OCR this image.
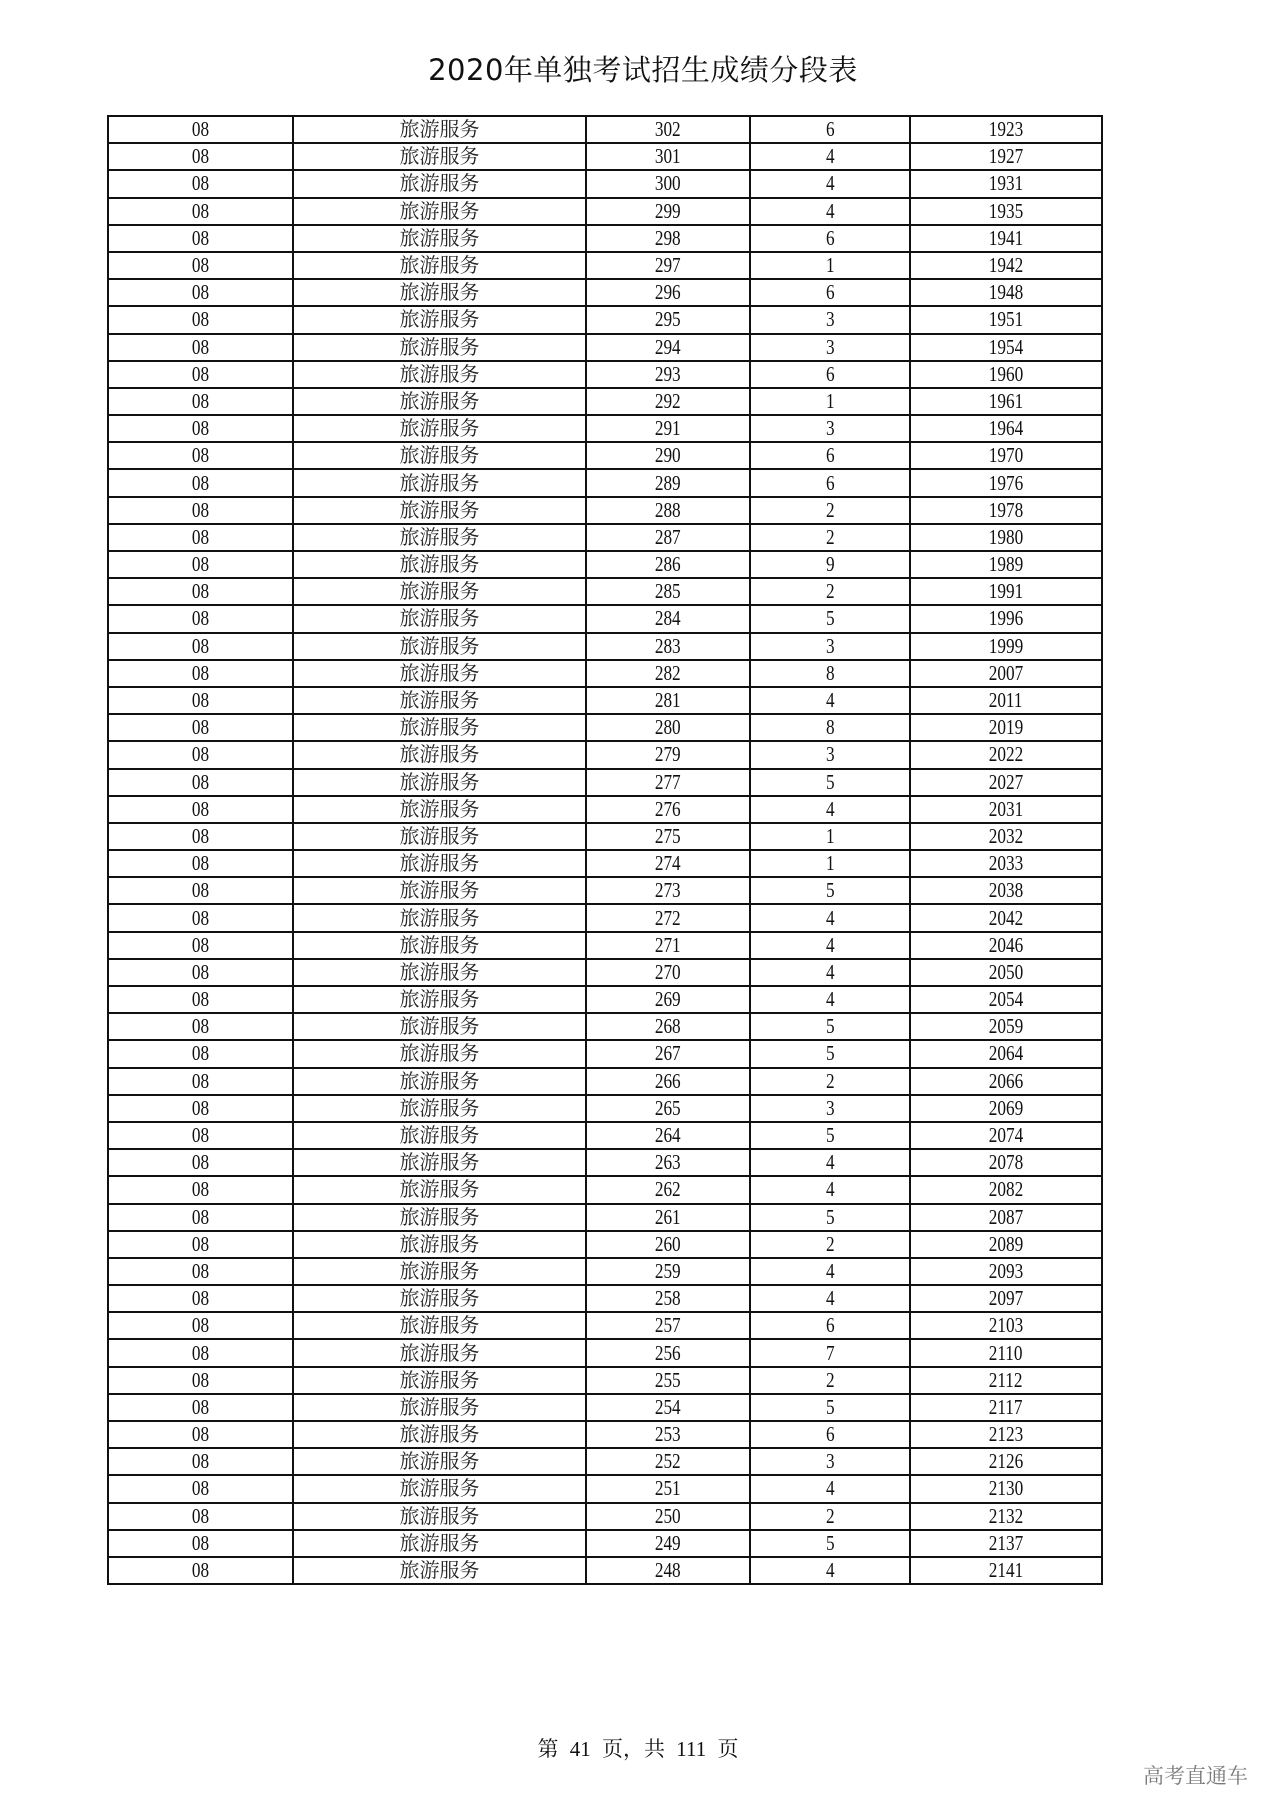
2020年单独考试招生成绩分段表
08	旅游服务	302	6	1923
08	旅游服务	301	4	1927
08	旅游服务	300	4	1931
08	旅游服务	299	4	1935
08	旅游服务	298	6	1941
08	旅游服务	297	1	1942
08	旅游服务	296	6	1948
08	旅游服务	295	3	1951
08	旅游服务	294	3	1954
08	旅游服务	293	6	1960
08	旅游服务	292	1	1961
08	旅游服务	291	3	1964
08	旅游服务	290	6	1970
08	旅游服务	289	6	1976
08	旅游服务	288	2	1978
08	旅游服务	287	2	1980
08	旅游服务	286	9	1989
08	旅游服务	285	2	1991
08	旅游服务	284	5	1996
08	旅游服务	283	3	1999
08	旅游服务	282	8	2007
08	旅游服务	281	4	2011
08	旅游服务	280	8	2019
08	旅游服务	279	3	2022
08	旅游服务	277	5	2027
08	旅游服务	276	4	2031
08	旅游服务	275	1	2032
08	旅游服务	274	1	2033
08	旅游服务	273	5	2038
08	旅游服务	272	4	2042
08	旅游服务	271	4	2046
08	旅游服务	270	4	2050
08	旅游服务	269	4	2054
08	旅游服务	268	5	2059
08	旅游服务	267	5	2064
08	旅游服务	266	2	2066
08	旅游服务	265	3	2069
08	旅游服务	264	5	2074
08	旅游服务	263	4	2078
08	旅游服务	262	4	2082
08	旅游服务	261	5	2087
08	旅游服务	260	2	2089
08	旅游服务	259	4	2093
08	旅游服务	258	4	2097
08	旅游服务	257	6	2103
08	旅游服务	256	7	2110
08	旅游服务	255	2	2112
08	旅游服务	254	5	2117
08	旅游服务	253	6	2123
08	旅游服务	252	3	2126
08	旅游服务	251	4	2130
08	旅游服务	250	2	2132
08	旅游服务	249	5	2137
08	旅游服务	248	4	2141
第 41 页，共 111 页
高考直通车
